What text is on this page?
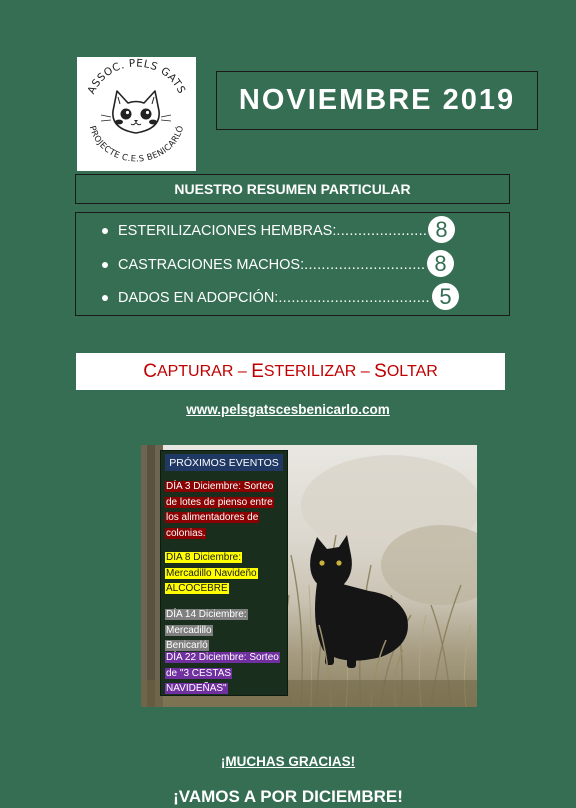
ASSOC. PELS GATS
PROJECTE C.E.S BENICARLÓ
NOVIEMBRE 2019
NUESTRO RESUMEN PARTICULAR
ESTERILIZACIONES HEMBRAS: ..................... 8
CASTRACIONES MACHOS: ............................ 8
DADOS EN ADOPCIÓN: ................................... 5
C APTURAR – E STERILIZAR – S OLTAR
www.pelsgatscesbenicarlo.com
PRÓXIMOS EVENTOS
DÍA 3 Diciembre: Sorteo de lotes de pienso entre los alimentadores de colonias.
DÍA 8 Diciembre: Mercadillo Navideño ALCOCEBRE
DÍA 14 Diciembre: Mercadillo Benicarló
DÍA 22 Diciembre: Sorteo de "3 CESTAS NAVIDEÑAS"
¡MUCHAS GRACIAS!
¡VAMOS A POR DICIEMBRE!
